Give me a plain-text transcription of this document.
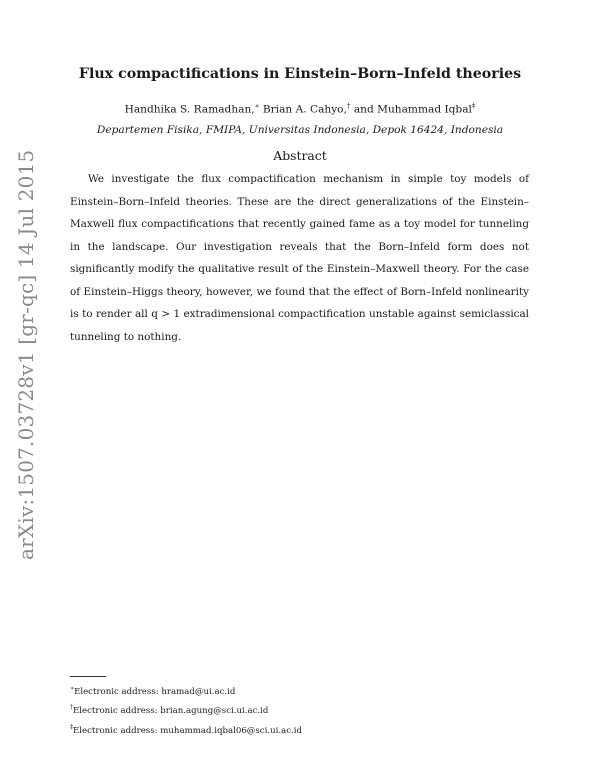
arXiv:1507.03728v1 [gr-qc] 14 Jul 2015
Flux compactifications in Einstein–Born–Infeld theories
Handhika S. Ramadhan,∗ Brian A. Cahyo,† and Muhammad Iqbal‡
Departemen Fisika, FMIPA, Universitas Indonesia, Depok 16424, Indonesia
Abstract
We investigate the flux compactification mechanism in simple toy models of Einstein–Born–Infeld theories. These are the direct generalizations of the Einstein–Maxwell flux compactifications that recently gained fame as a toy model for tunneling in the landscape. Our investigation reveals that the Born–Infeld form does not significantly modify the qualitative result of the Einstein–Maxwell theory. For the case of Einstein–Higgs theory, however, we found that the effect of Born–Infeld nonlinearity is to render all q > 1 extradimensional compactification unstable against semiclassical tunneling to nothing.
∗Electronic address: hramad@ui.ac.id
†Electronic address: brian.agung@sci.ui.ac.id
‡Electronic address: muhammad.iqbal06@sci.ui.ac.id
